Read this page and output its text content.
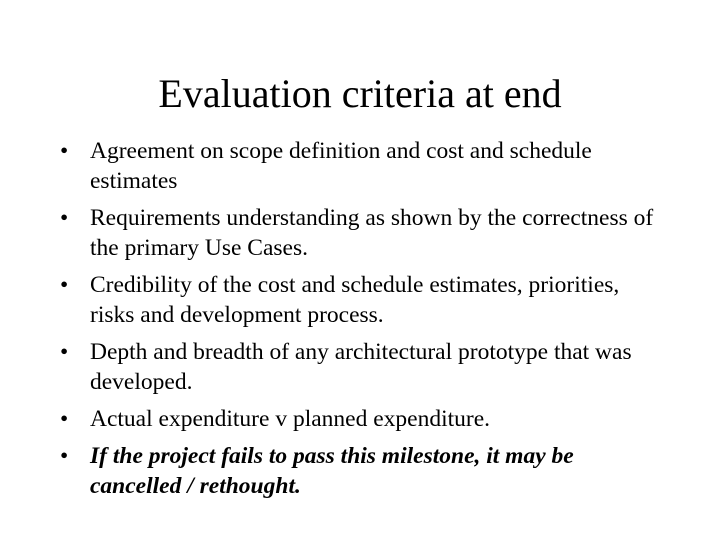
Evaluation criteria at end
• Agreement on scope definition and cost and schedule estimates
• Requirements understanding as shown by the correctness of the primary Use Cases.
• Credibility of the cost and schedule estimates, priorities, risks and development process.
• Depth and breadth of any architectural prototype that was developed.
• Actual expenditure v planned expenditure.
• If the project fails to pass this milestone, it may be cancelled / rethought.
